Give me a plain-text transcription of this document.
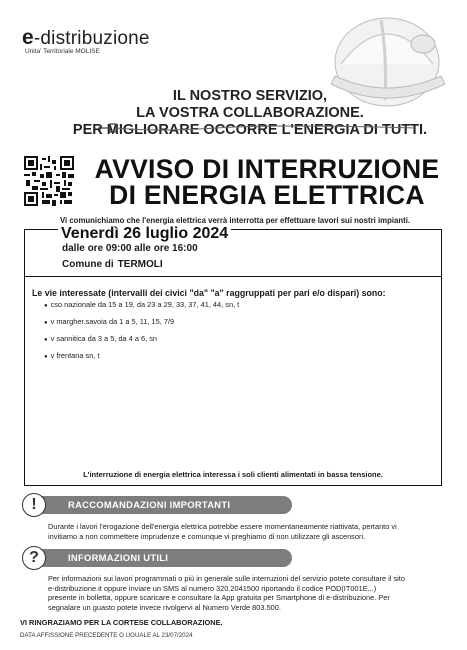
e-distribuzione
Unita' Territoriale MOLISE
IL NOSTRO SERVIZIO,
LA VOSTRA COLLABORAZIONE.
PER MIGLIORARE OCCORRE L'ENERGIA DI TUTTI.
AVVISO DI INTERRUZIONE
DI ENERGIA ELETTRICA
Vi comunichiamo che l'energia elettrica verrà interrotta per effettuare lavori sui nostri impianti.
Venerdì 26 luglio 2024
dalle ore 09:00 alle ore 16:00
Comune di TERMOLI
Le vie interessate (intervalli dei civici "da" "a" raggruppati per pari e/o dispari) sono:
● cso nazionale da 15 a 19, da 23 a 29, 33, 37, 41, 44, sn, t
● v margher.savoia da 1 a 5, 11, 15, 7/9
● v sannitica da 3 a 5, da 4 a 6, sn
● v frentana sn, t
L'interruzione di energia elettrica interessa i soli clienti alimentati in bassa tensione.
RACCOMANDAZIONI IMPORTANTI
!
Durante i lavori l'erogazione dell'energia elettrica potrebbe essere momentaneamente riattivata, pertanto vi
invitiamo a non commettere imprudenze e comunque vi preghiamo di non utilizzare gli ascensori.
INFORMAZIONI UTILI
?
Per informazioni sui lavori programmati o più in generale sulle interruzioni del servizio potete consultare il sito
e-distribuzione.it oppure inviare un SMS al numero 320.2041500 riportando il codice POD(IT001E...)
presente in bolletta, oppure scaricare e consultare la App gratuita per Smartphone di e-distribuzione. Per
segnalare un guasto potete invece rivolgervi al Numero Verde 803.500.
VI RINGRAZIAMO PER LA CORTESE COLLABORAZIONE.
DATA AFFISSIONE PRECEDENTE O UGUALE AL 23/07/2024
